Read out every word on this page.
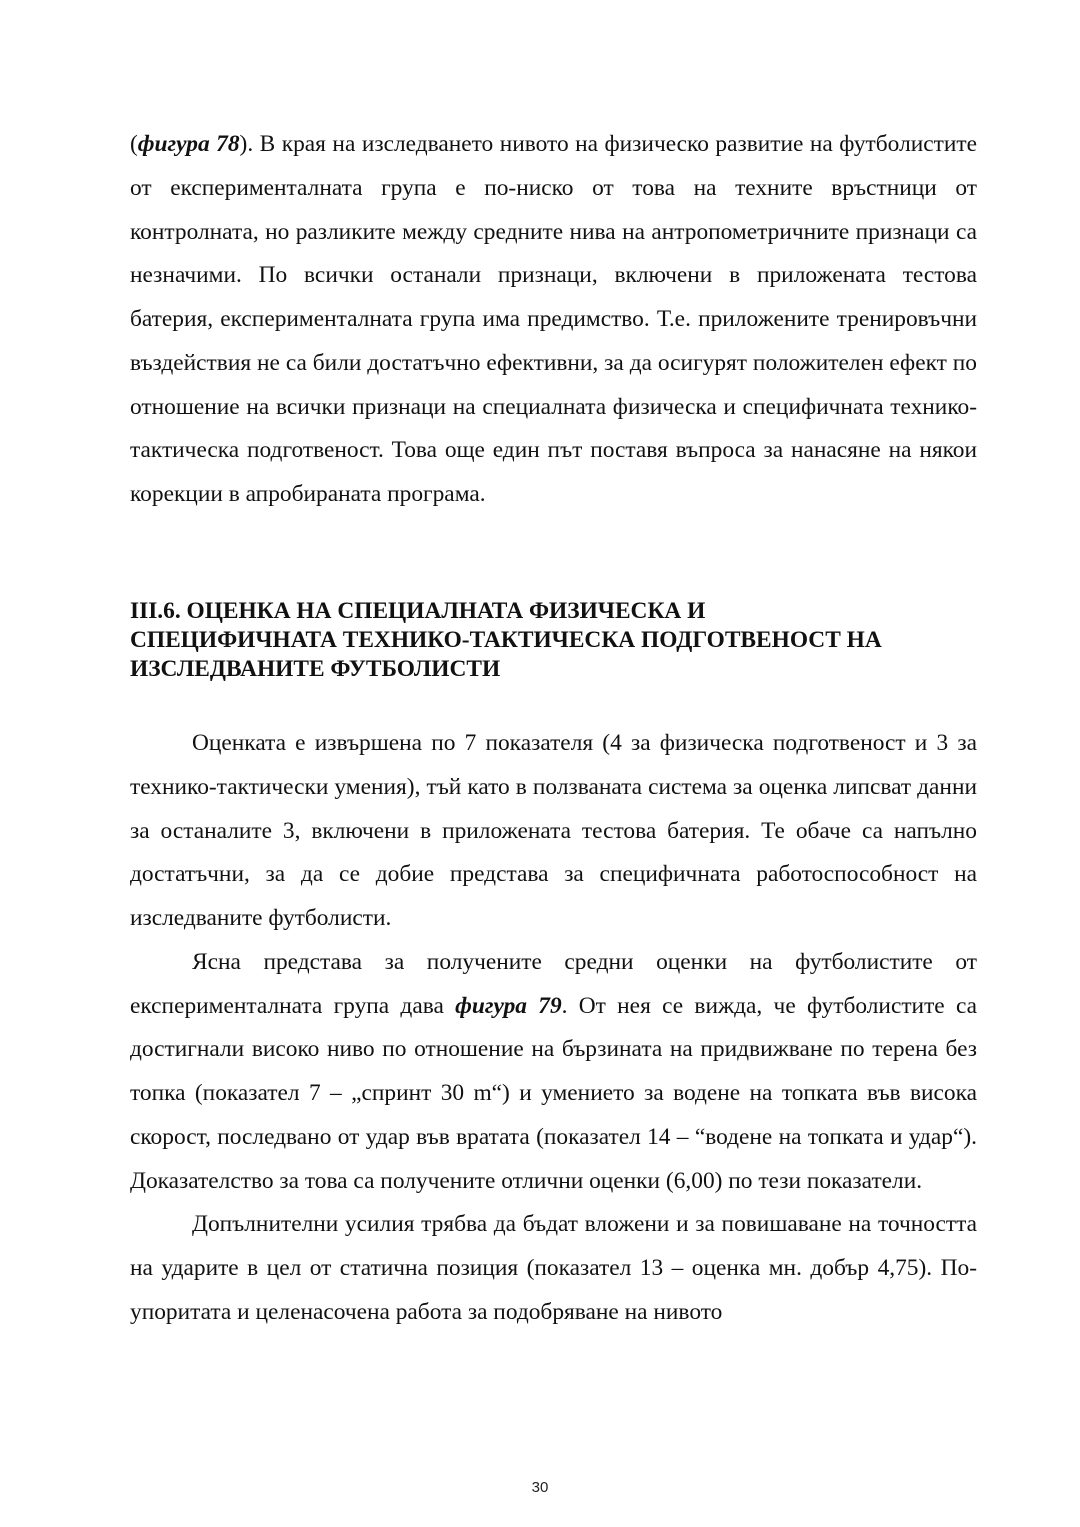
(фигура 78). В края на изследването нивото на физическо развитие на футболистите от експерименталната група е по-ниско от това на техните връстници от контролната, но разликите между средните нива на антропометричните признаци са незначими. По всички останали признаци, включени в приложената тестова батерия, експерименталната група има предимство. Т.е. приложените тренировъчни въздействия не са били достатъчно ефективни, за да осигурят положителен ефект по отношение на всички признаци на специалната физическа и специфичната технико-тактическа подготвеност. Това още един път поставя въпроса за нанасяне на някои корекции в апробираната програма.

III.6. ОЦЕНКА НА СПЕЦИАЛНАТА ФИЗИЧЕСКА И
СПЕЦИФИЧНАТА ТЕХНИКО-ТАКТИЧЕСКА ПОДГОТВЕНОСТ НА
ИЗСЛЕДВАНИТЕ ФУТБОЛИСТИ

Оценката е извършена по 7 показателя (4 за физическа подготвеност и 3 за технико-тактически умения), тъй като в ползваната система за оценка липсват данни за останалите 3, включени в приложената тестова батерия. Те обаче са напълно достатъчни, за да се добие представа за специфичната работоспособност на изследваните футболисти.

Ясна представа за получените средни оценки на футболистите от експерименталната група дава фигура 79. От нея се вижда, че футболистите са достигнали високо ниво по отношение на бързината на придвижване по терена без топка (показател 7 – „спринт 30 m“) и умението за водене на топката във висока скорост, последвано от удар във вратата (показател 14 – “водене на топката и удар“). Доказателство за това са получените отлични оценки (6,00) по тези показатели.

Допълнителни усилия трябва да бъдат вложени и за повишаване на точността на ударите в цел от статична позиция (показател 13 – оценка мн. добър 4,75). По-упоритата и целенасочена работа за подобряване на нивото

30
